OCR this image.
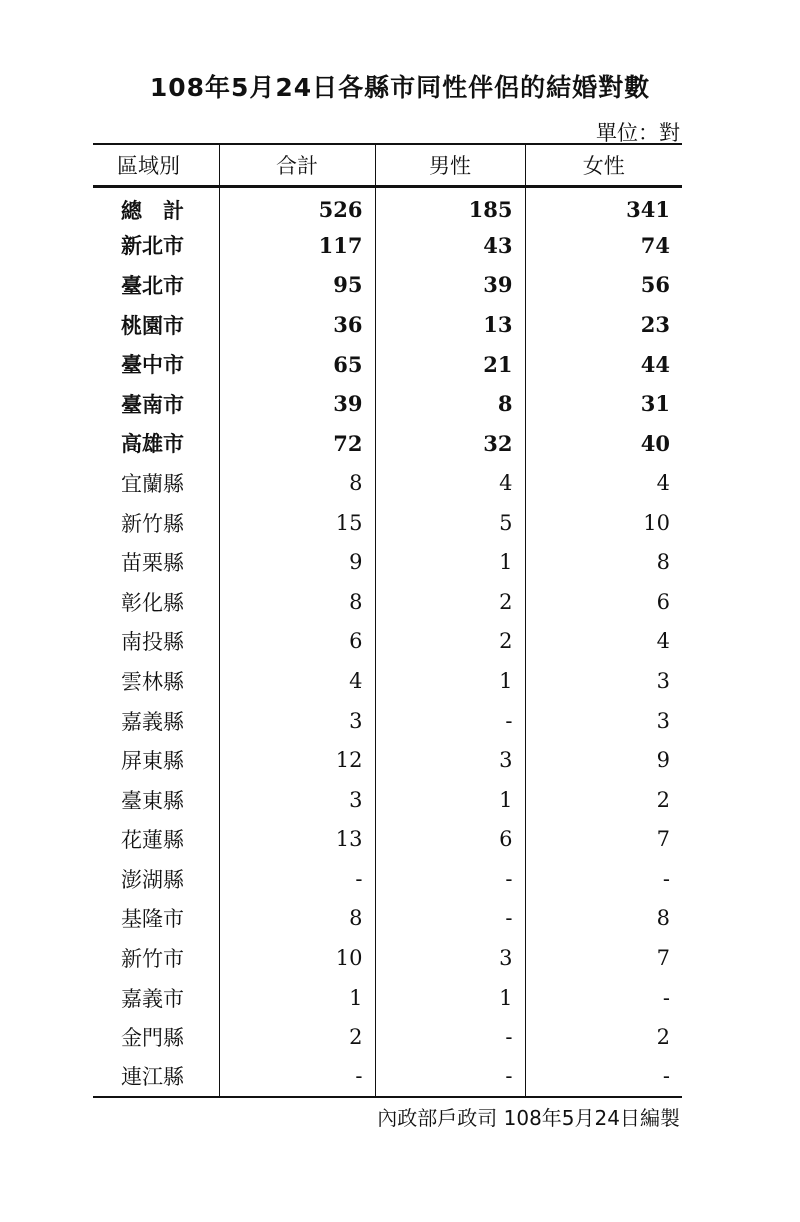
108年5月24日各縣市同性伴侶的結婚對數
單位：對
區域別	合計	男性	女性
總　計	526	185	341
新北市	117	43	74
臺北市	95	39	56
桃園市	36	13	23
臺中市	65	21	44
臺南市	39	8	31
高雄市	72	32	40
宜蘭縣	8	4	4
新竹縣	15	5	10
苗栗縣	9	1	8
彰化縣	8	2	6
南投縣	6	2	4
雲林縣	4	1	3
嘉義縣	3	-	3
屏東縣	12	3	9
臺東縣	3	1	2
花蓮縣	13	6	7
澎湖縣	-	-	-
基隆市	8	-	8
新竹市	10	3	7
嘉義市	1	1	-
金門縣	2	-	2
連江縣	-	-	-
內政部戶政司 108年5月24日編製
